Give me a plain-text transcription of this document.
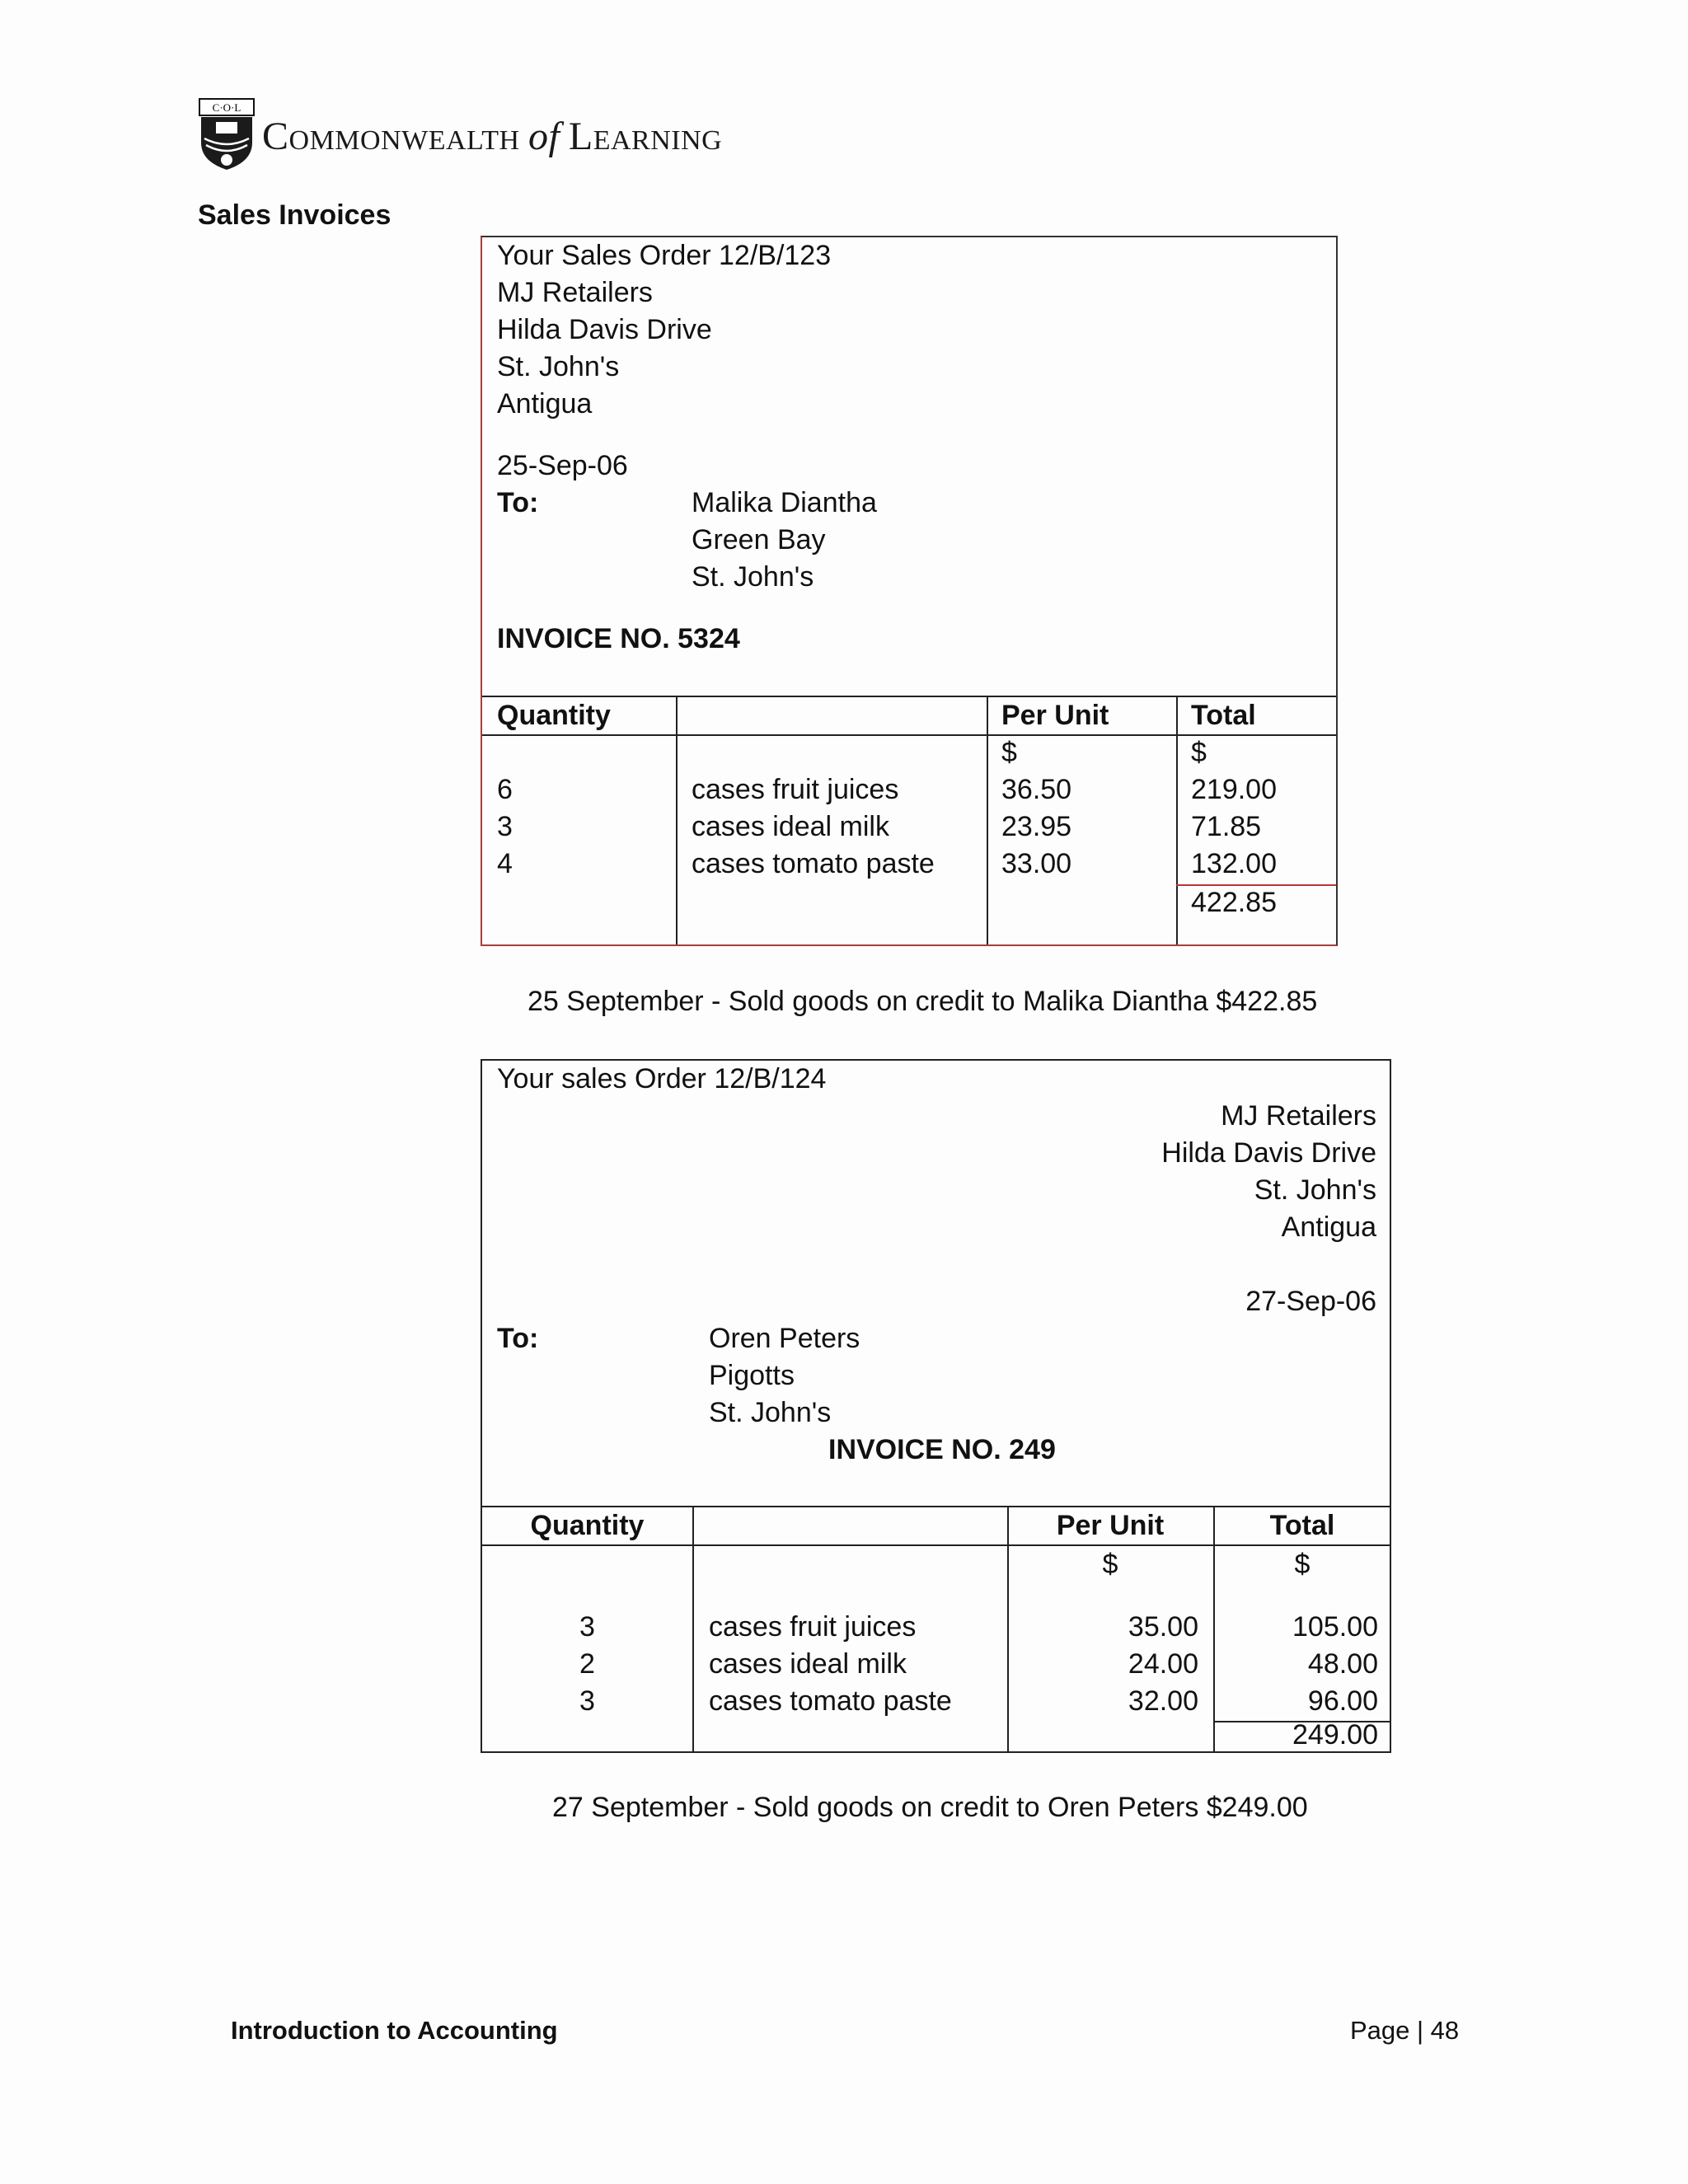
C·O·L
Commonwealth of Learning
Sales Invoices
Your Sales Order 12/B/123
MJ Retailers
Hilda Davis Drive
St. John's
Antigua
25-Sep-06
To:	Malika Diantha
Green Bay
St. John's
INVOICE NO. 5324
Quantity	Per Unit	Total
$	$
6	cases fruit juices	36.50	219.00
3	cases ideal milk	23.95	71.85
4	cases tomato paste 33.00	132.00
422.85
25 September - Sold goods on credit to Malika Diantha $422.85
Your sales Order 12/B/124
MJ Retailers
Hilda Davis Drive
St. John's
Antigua
27-Sep-06
To:	Oren Peters
Pigotts
St. John's
INVOICE NO. 249
Quantity	Per Unit	Total
$	$
3	cases fruit juices	35.00	105.00
2	cases ideal milk	24.00	48.00
3	cases tomato paste	32.00	96.00
249.00
27 September - Sold goods on credit to Oren Peters $249.00
Introduction to Accounting	Page | 48
